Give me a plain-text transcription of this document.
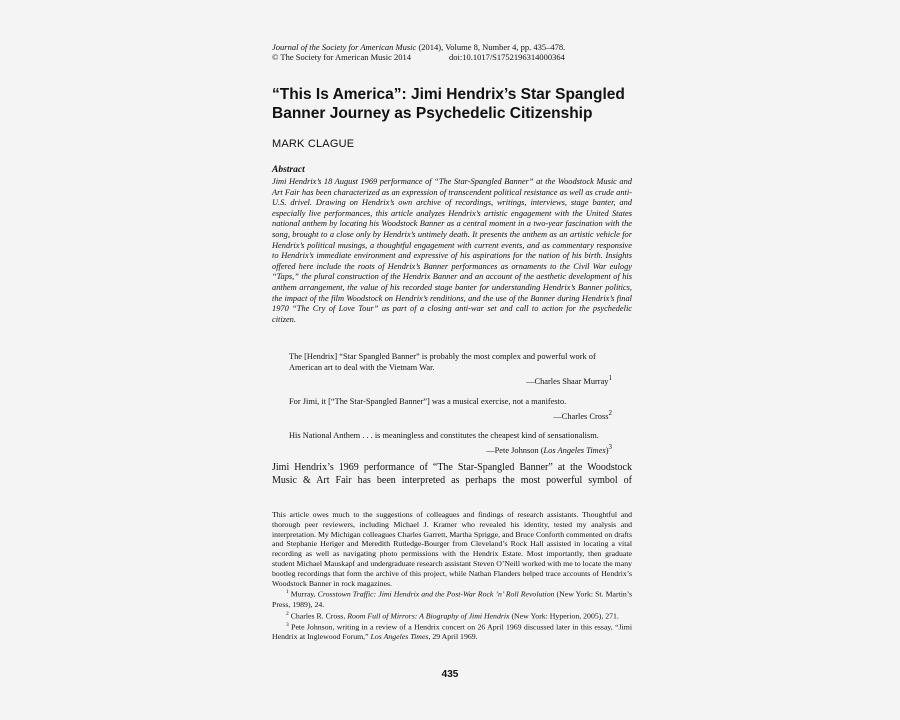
Journal of the Society for American Music (2014), Volume 8, Number 4, pp. 435–478.
© The Society for American Music 2014	doi:10.1017/S1752196314000364
“This Is America”: Jimi Hendrix’s Star Spangled Banner Journey as Psychedelic Citizenship
MARK CLAGUE
Abstract
Jimi Hendrix’s 18 August 1969 performance of “The Star-Spangled Banner” at the Woodstock Music and Art Fair has been characterized as an expression of transcendent political resistance as well as crude anti-U.S. drivel. Drawing on Hendrix’s own archive of recordings, writings, interviews, stage banter, and especially live performances, this article analyzes Hendrix’s artistic engagement with the United States national anthem by locating his Woodstock Banner as a central moment in a two-year fascination with the song, brought to a close only by Hendrix’s untimely death. It presents the anthem as an artistic vehicle for Hendrix’s political musings, a thoughtful engagement with current events, and as commentary responsive to Hendrix’s immediate environment and expressive of his aspirations for the nation of his birth. Insights offered here include the roots of Hendrix’s Banner performances as ornaments to the Civil War eulogy “Taps,” the plural construction of the Hendrix Banner and an account of the aesthetic development of his anthem arrangement, the value of his recorded stage banter for understanding Hendrix’s Banner politics, the impact of the film Woodstock on Hendrix’s renditions, and the use of the Banner during Hendrix’s final 1970 “The Cry of Love Tour” as part of a closing anti-war set and call to action for the psychedelic citizen.
The [Hendrix] “Star Spangled Banner” is probably the most complex and powerful work of American art to deal with the Vietnam War.
—Charles Shaar Murray$^1$
For Jimi, it [“The Star-Spangled Banner”] was a musical exercise, not a manifesto.
—Charles Cross$^2$
His National Anthem . . . is meaningless and constitutes the cheapest kind of sensationalism.
—Pete Johnson (Los Angeles Times)$^3$
Jimi Hendrix’s 1969 performance of “The Star-Spangled Banner” at the Woodstock Music & Art Fair has been interpreted as perhaps the most powerful symbol of

This article owes much to the suggestions of colleagues and findings of research assistants. Thoughtful and thorough peer reviewers, including Michael J. Kramer who revealed his identity, tested my analysis and interpretation. My Michigan colleagues Charles Garrett, Martha Sprigge, and Bruce Conforth commented on drafts and Stephanie Heriger and Meredith Rutledge-Bourger from Cleveland’s Rock Hall assisted in locating a vital recording as well as navigating photo permissions with the Hendrix Estate. Most importantly, then graduate student Michael Mauskapf and undergraduate research assistant Steven O’Neill worked with me to locate the many bootleg recordings that form the archive of this project, while Nathan Flanders helped trace accounts of Hendrix’s Woodstock Banner in rock magazines.

$^1$ Murray, Crosstown Traffic: Jimi Hendrix and the Post-War Rock ’n’ Roll Revolution (New York: St. Martin’s Press, 1989), 24.

$^2$ Charles R. Cross, Room Full of Mirrors: A Biography of Jimi Hendrix (New York: Hyperion, 2005), 271.

$^3$ Pete Johnson, writing in a review of a Hendrix concert on 26 April 1969 discussed later in this essay, “Jimi Hendrix at Inglewood Forum,” Los Angeles Times, 29 April 1969.

435
